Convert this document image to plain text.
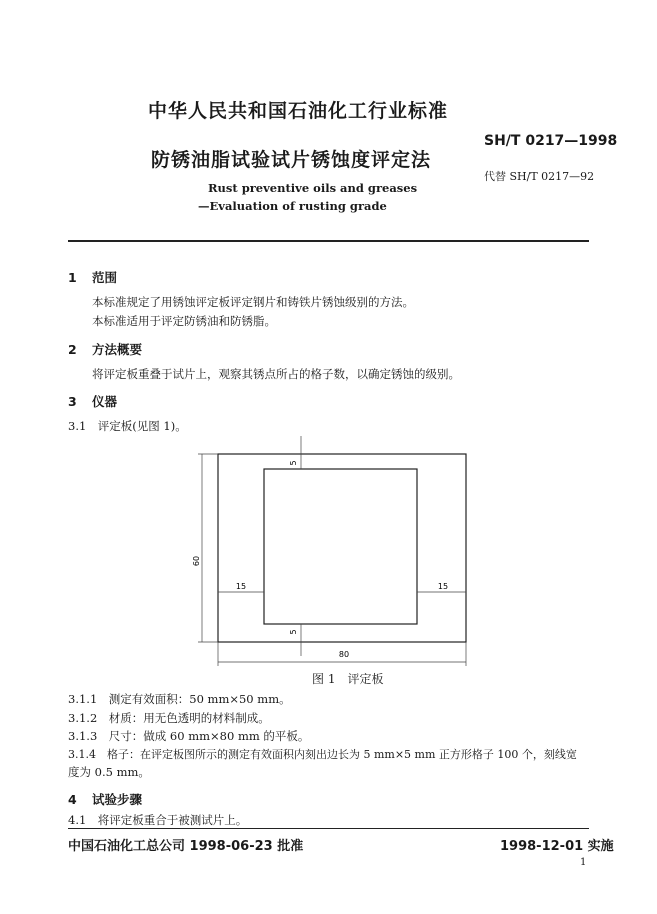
中华人民共和国石油化工行业标准
SH/T 0217—1998
防锈油脂试验试片锈蚀度评定法
代替 SH/T 0217—92
Rust preventive oils and greases
—Evaluation of rusting grade
1 范围
本标准规定了用锈蚀评定板评定钢片和铸铁片锈蚀级别的方法。
本标准适用于评定防锈油和防锈脂。
2 方法概要
将评定板重叠于试片上，观察其锈点所占的格子数，以确定锈蚀的级别。
3 仪器
3.1　评定板(见图 1)。
5
5
15	15
60
80
图 1　评定板
3.1.1　测定有效面积：50 mm×50 mm。
3.1.2　材质：用无色透明的材料制成。
3.1.3　尺寸：做成 60 mm×80 mm 的平板。
3.1.4　格子：在评定板图所示的测定有效面积内刻出边长为 5 mm×5 mm 正方形格子 100 个，刻线宽
度为 0.5 mm。
4 试验步骤
4.1　将评定板重合于被测试片上。
中国石油化工总公司 1998-06-23 批准	1998-12-01 实施
1
